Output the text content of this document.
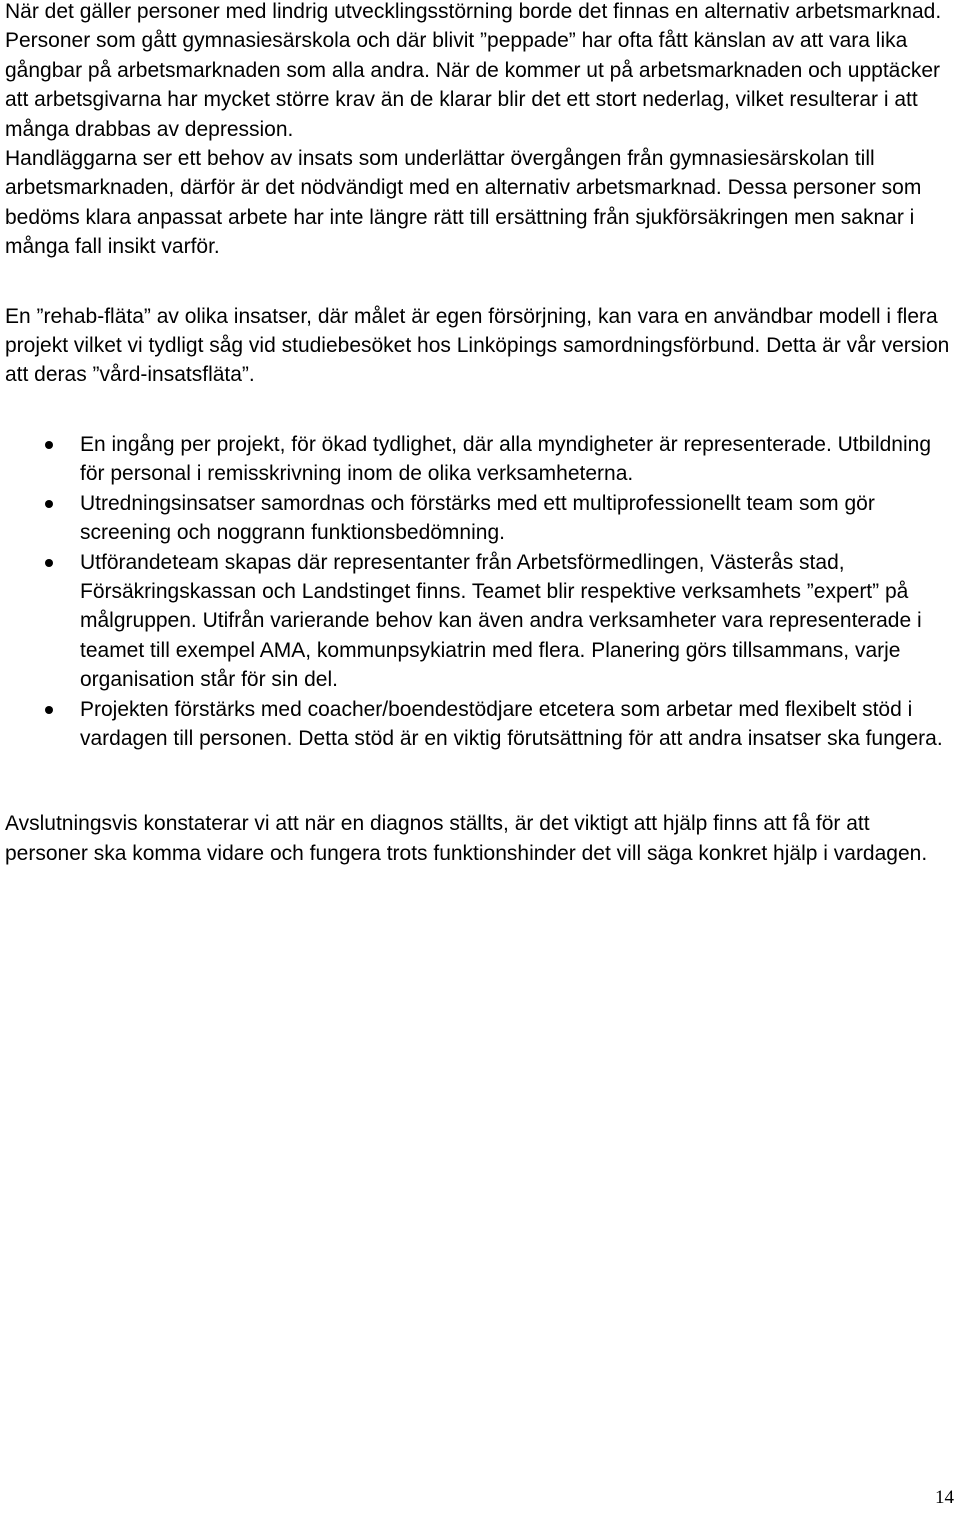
När det gäller personer med lindrig utvecklingsstörning borde det finnas en alternativ arbetsmarknad. Personer som gått gymnasiesärskola och där blivit ”peppade” har ofta fått känslan av att vara lika gångbar på arbetsmarknaden som alla andra. När de kommer ut på arbetsmarknaden och upptäcker att arbetsgivarna har mycket större krav än de klarar blir det ett stort nederlag, vilket resulterar i att många drabbas av depression.

Handläggarna ser ett behov av insats som underlättar övergången från gymnasiesärskolan till arbetsmarknaden, därför är det nödvändigt med en alternativ arbetsmarknad. Dessa personer som bedöms klara anpassat arbete har inte längre rätt till ersättning från sjukförsäkringen men saknar i många fall insikt varför.

En ”rehab-fläta” av olika insatser, där målet är egen försörjning, kan vara en användbar modell i flera projekt vilket vi tydligt såg vid studiebesöket hos Linköpings samordningsförbund. Detta är vår version att deras ”vård-insatsfläta”.

En ingång per projekt, för ökad tydlighet, där alla myndigheter är representerade. Utbildning för personal i remisskrivning inom de olika verksamheterna.
Utredningsinsatser samordnas och förstärks med ett multiprofessionellt team som gör screening och noggrann funktionsbedömning.
Utförandeteam skapas där representanter från Arbetsförmedlingen, Västerås stad, Försäkringskassan och Landstinget finns. Teamet blir respektive verksamhets ”expert” på målgruppen. Utifrån varierande behov kan även andra verksamheter vara representerade i teamet till exempel AMA, kommunpsykiatrin med flera. Planering görs tillsammans, varje organisation står för sin del.
Projekten förstärks med coacher/boendestödjare etcetera som arbetar med flexibelt stöd i vardagen till personen. Detta stöd är en viktig förutsättning för att andra insatser ska fungera.

Avslutningsvis konstaterar vi att när en diagnos ställts, är det viktigt att hjälp finns att få för att personer ska komma vidare och fungera trots funktionshinder det vill säga konkret hjälp i vardagen.

14
